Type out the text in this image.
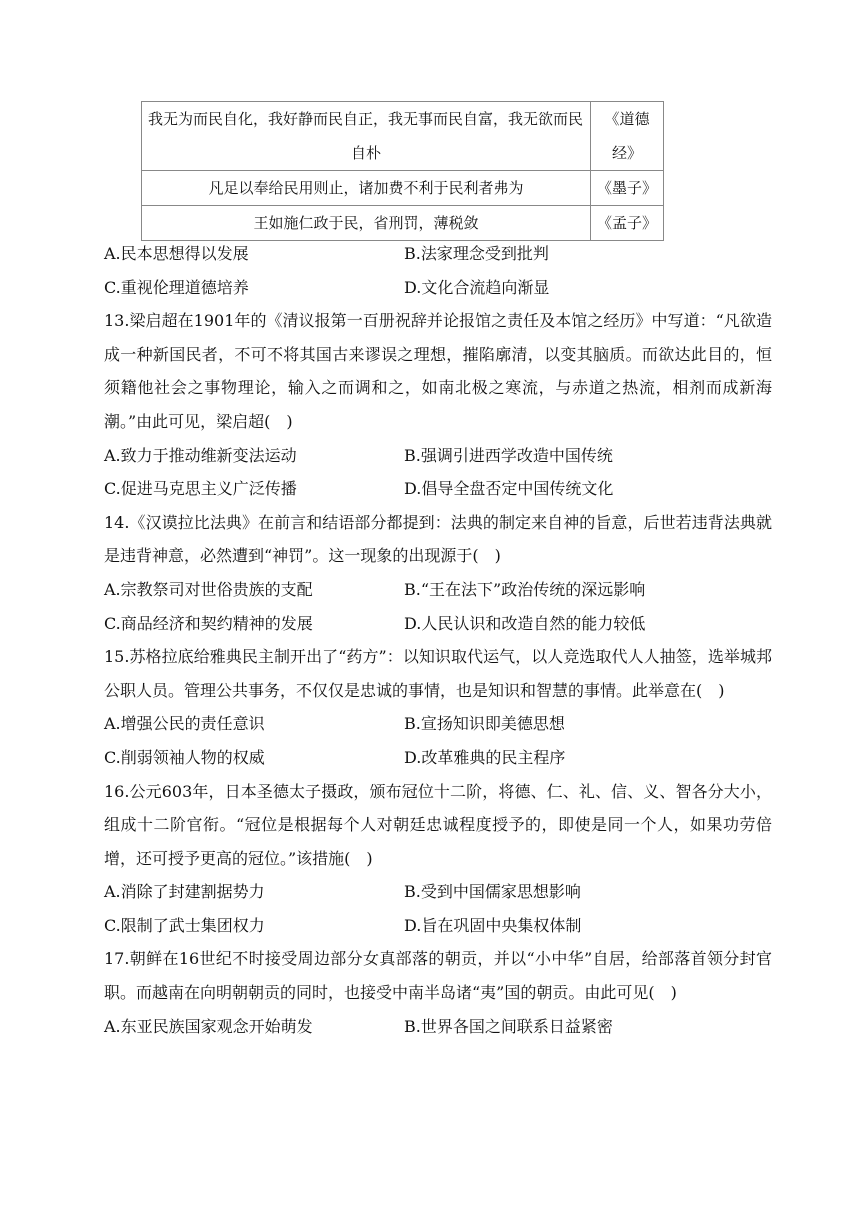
我无为而民自化，我好静而民自正，我无事而民自富，我无欲而民自朴	《道德经》
凡足以奉给民用则止，诸加费不利于民利者弗为	《墨子》
王如施仁政于民，省刑罚，薄税敛	《孟子》
A.民本思想得以发展	B.法家理念受到批判
C.重视伦理道德培养	D.文化合流趋向渐显
13.梁启超在1901年的《清议报第一百册祝辞并论报馆之责任及本馆之经历》中写道：“凡欲造成一种新国民者，不可不将其国古来谬误之理想，摧陷廓清，以变其脑质。而欲达此目的，恒须籍他社会之事物理论，输入之而调和之，如南北极之寒流，与赤道之热流，相剂而成新海潮。”由此可见，梁启超(　)
A.致力于推动维新变法运动	B.强调引进西学改造中国传统
C.促进马克思主义广泛传播	D.倡导全盘否定中国传统文化
14.《汉谟拉比法典》在前言和结语部分都提到：法典的制定来自神的旨意，后世若违背法典就是违背神意，必然遭到“神罚”。这一现象的出现源于(　)
A.宗教祭司对世俗贵族的支配	B.“王在法下”政治传统的深远影响
C.商品经济和契约精神的发展	D.人民认识和改造自然的能力较低
15.苏格拉底给雅典民主制开出了“药方”：以知识取代运气，以人竞选取代人人抽签，选举城邦公职人员。管理公共事务，不仅仅是忠诚的事情，也是知识和智慧的事情。此举意在(　)
A.增强公民的责任意识	B.宣扬知识即美德思想
C.削弱领袖人物的权威	D.改革雅典的民主程序
16.公元603年，日本圣德太子摄政，颁布冠位十二阶，将德、仁、礼、信、义、智各分大小，组成十二阶官衔。“冠位是根据每个人对朝廷忠诚程度授予的，即使是同一个人，如果功劳倍增，还可授予更高的冠位。”该措施(　)
A.消除了封建割据势力	B.受到中国儒家思想影响
C.限制了武士集团权力	D.旨在巩固中央集权体制
17.朝鲜在16世纪不时接受周边部分女真部落的朝贡，并以“小中华”自居，给部落首领分封官职。而越南在向明朝朝贡的同时，也接受中南半岛诸“夷”国的朝贡。由此可见(　)
A.东亚民族国家观念开始萌发	B.世界各国之间联系日益紧密
